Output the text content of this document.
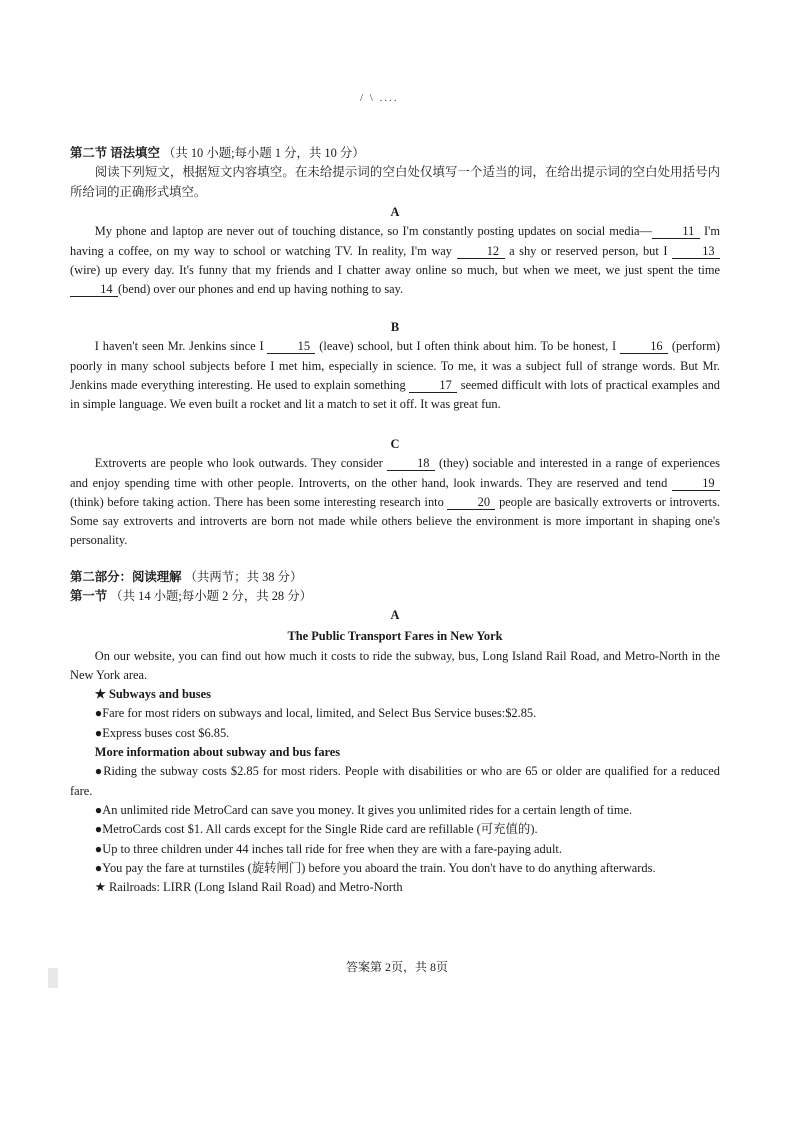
/ \ ....

第二节 语法填空 （共 10 小题;每小题 1 分，共 10 分）

阅读下列短文，根据短文内容填空。在未给提示词的空白处仅填写一个适当的词，在给出提示词的空白处用括号内所给词的正确形式填空。

A

My phone and laptop are never out of touching distance, so I'm constantly posting updates on social media— 11 I'm having a coffee, on my way to school or watching TV. In reality, I'm way 12 a shy or reserved person, but I 13 (wire) up every day. It's funny that my friends and I chatter away online so much, but when we meet, we just spent the time 14 (bend) over our phones and end up having nothing to say.

B

I haven't seen Mr. Jenkins since I 15 (leave) school, but I often think about him. To be honest, I 16 (perform) poorly in many school subjects before I met him, especially in science. To me, it was a subject full of strange words. But Mr. Jenkins made everything interesting. He used to explain something 17 seemed difficult with lots of practical examples and in simple language. We even built a rocket and lit a match to set it off. It was great fun.

C

Extroverts are people who look outwards. They consider 18 (they) sociable and interested in a range of experiences and enjoy spending time with other people. Introverts, on the other hand, look inwards. They are reserved and tend 19 (think) before taking action. There has been some interesting research into 20 people are basically extroverts or introverts. Some say extroverts and introverts are born not made while others believe the environment is more important in shaping one's personality.

第二部分：阅读理解 （共两节；共 38 分）

第一节 （共 14 小题;每小题 2 分，共 28 分）

A

The Public Transport Fares in New York

On our website, you can find out how much it costs to ride the subway, bus, Long Island Rail Road, and Metro-North in the New York area.

★ Subways and buses

●Fare for most riders on subways and local, limited, and Select Bus Service buses:$2.85.

●Express buses cost $6.85.

More information about subway and bus fares

●Riding the subway costs $2.85 for most riders. People with disabilities or who are 65 or older are qualified for a reduced fare.

●An unlimited ride MetroCard can save you money. It gives you unlimited rides for a certain length of time.

●MetroCards cost $1. All cards except for the Single Ride card are refillable (可充值的).

●Up to three children under 44 inches tall ride for free when they are with a fare-paying adult.

●You pay the fare at turnstiles (旋转闸门) before you aboard the train. You don't have to do anything afterwards.

★ Railroads: LIRR (Long Island Rail Road) and Metro-North

答案第 2页，共 8页
